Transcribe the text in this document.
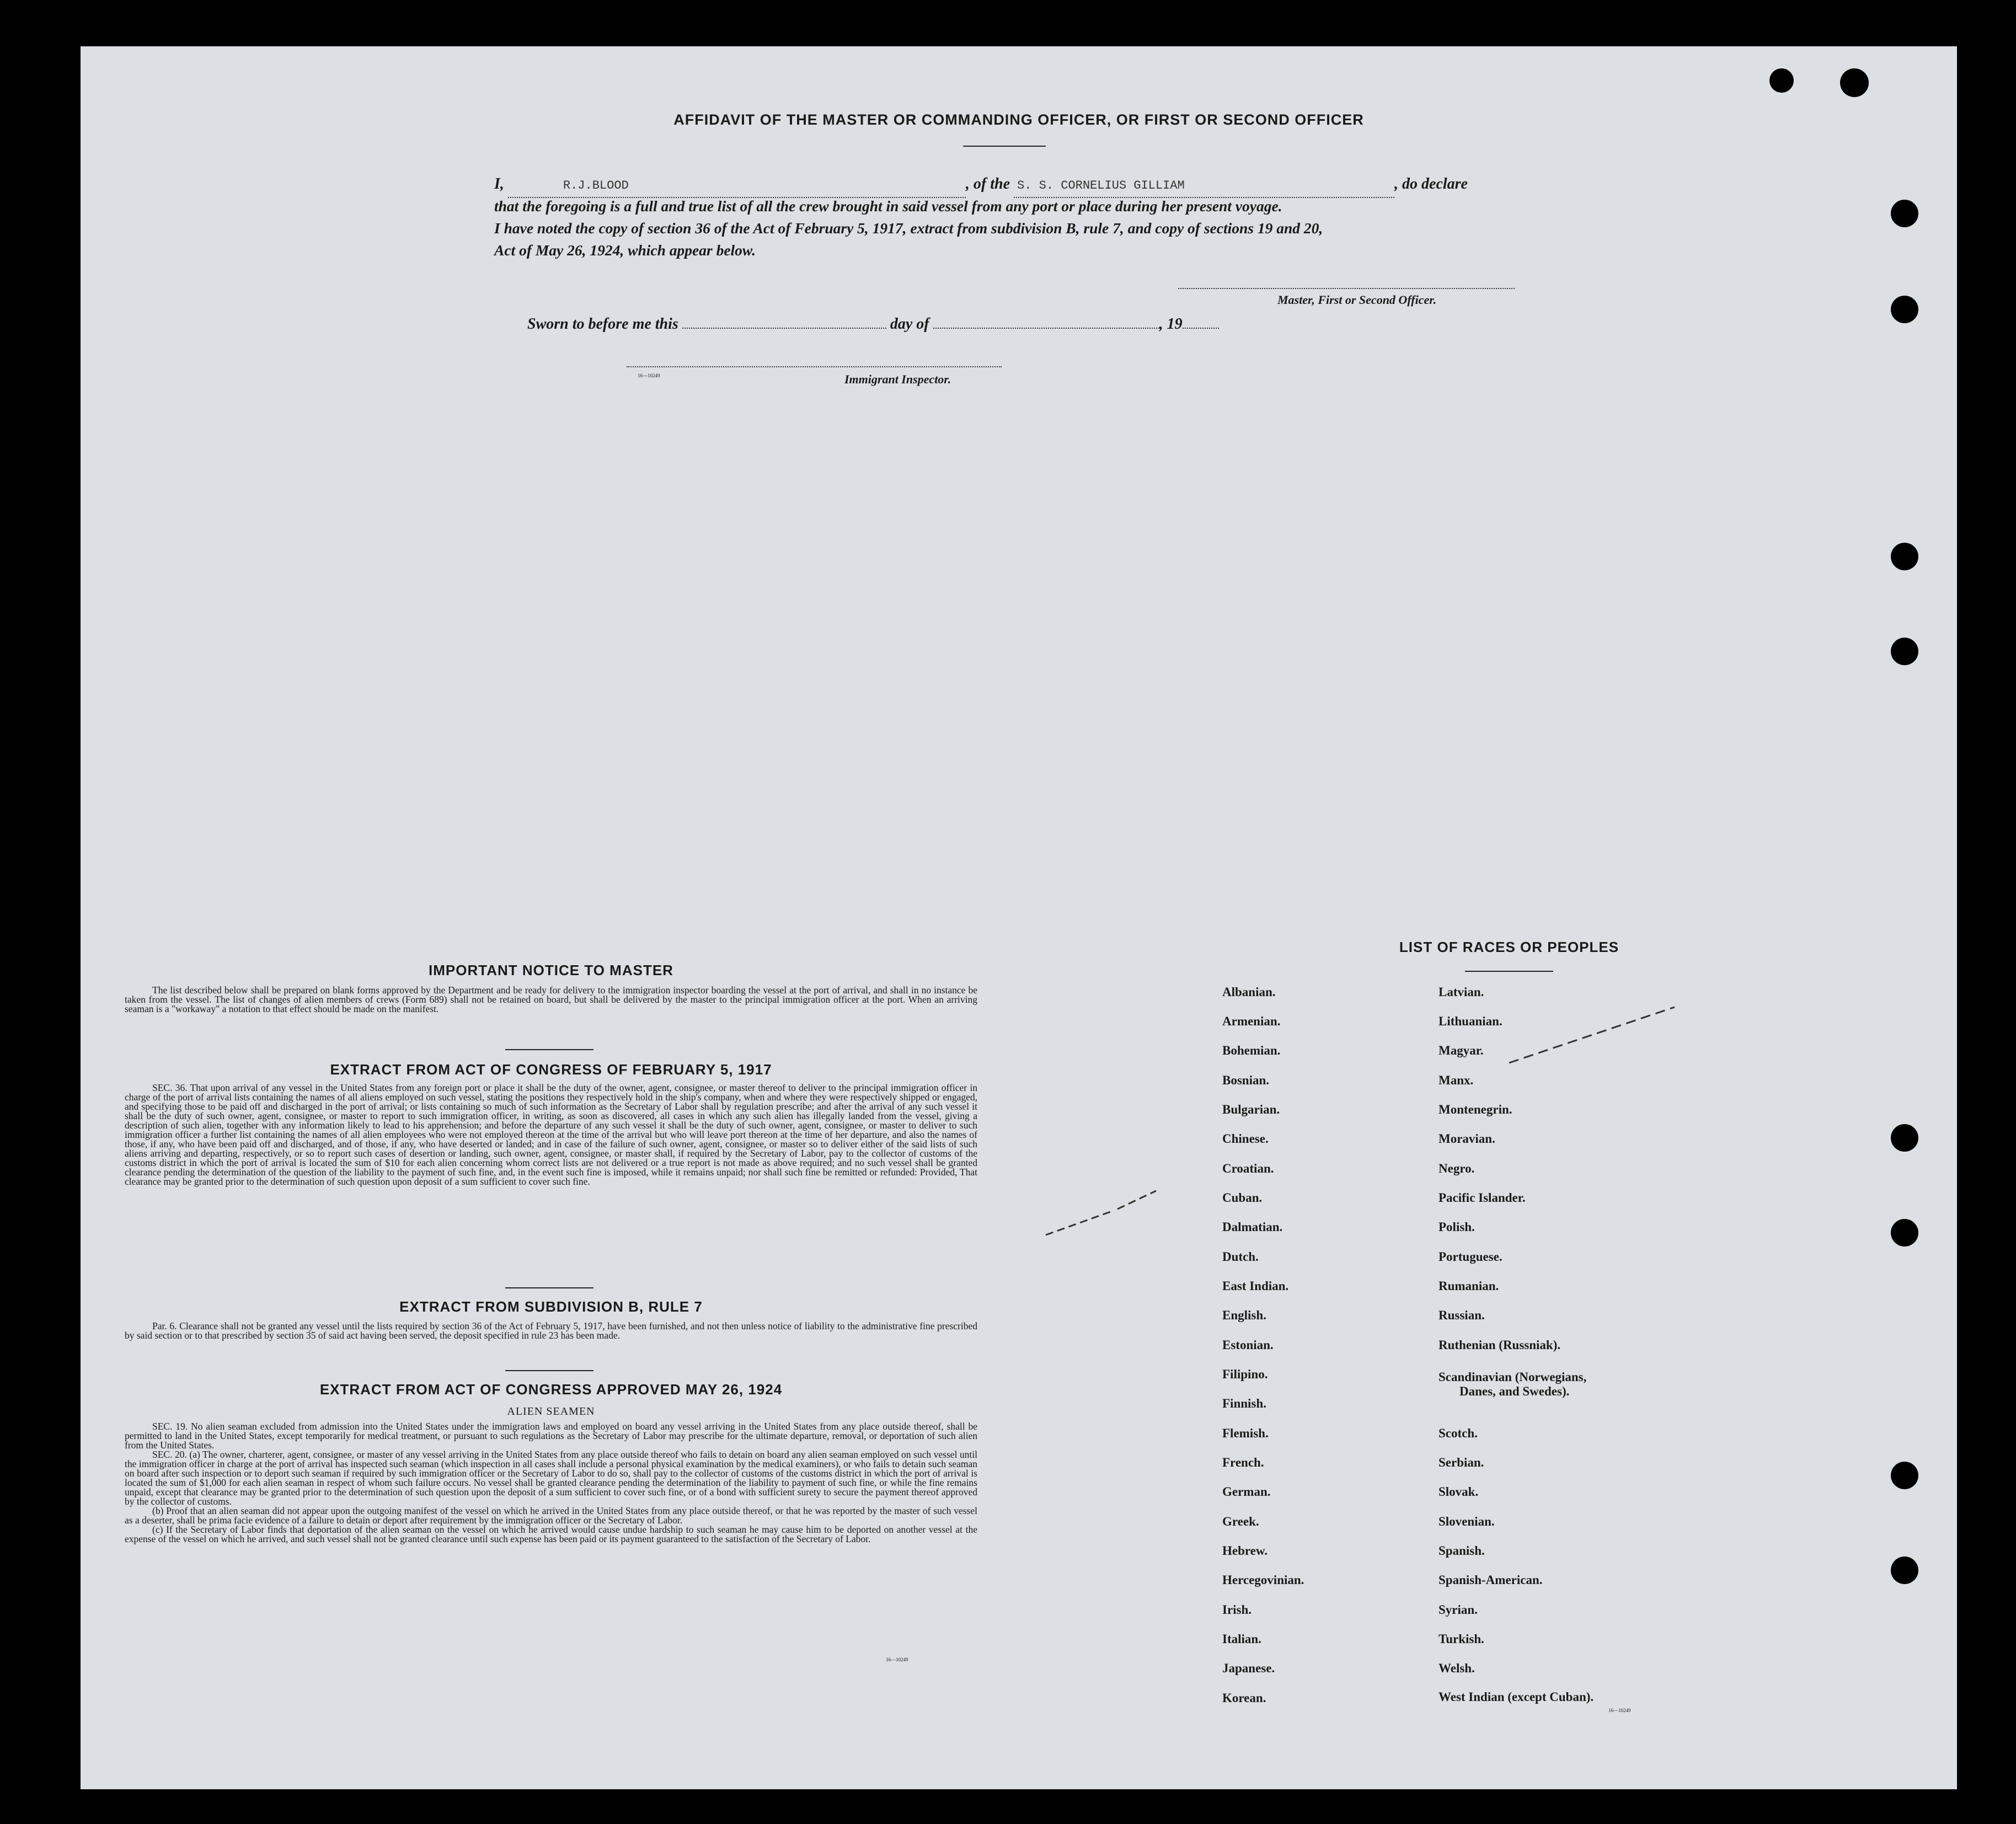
AFFIDAVIT OF THE MASTER OR COMMANDING OFFICER, OR FIRST OR SECOND OFFICER
I,	R.J.BLOOD	, of the S. S. CORNELIUS GILLIAM	, do declare
that the foregoing is a full and true list of all the crew brought in said vessel from any port or place during her present voyage.
I have noted the copy of section 36 of the Act of February 5, 1917, extract from subdivision B, rule 7, and copy of sections 19 and 20,
Act of May 26, 1924, which appear below.
Master, First or Second Officer.
Sworn to before me this	day of	, 19
16—10249	Immigrant Inspector.
IMPORTANT NOTICE TO MASTER

The list described below shall be prepared on blank forms approved by the Department and be ready for delivery to the immigration inspector boarding the vessel at the port of arrival, and shall in no instance be taken from the vessel. The list of changes of alien members of crews (Form 689) shall not be retained on board, but shall be delivered by the master to the principal immigration officer at the port. When an arriving seaman is a "workaway" a notation to that effect should be made on the manifest.

EXTRACT FROM ACT OF CONGRESS OF FEBRUARY 5, 1917

SEC. 36. That upon arrival of any vessel in the United States from any foreign port or place it shall be the duty of the owner, agent, consignee, or master thereof to deliver to the principal immigration officer in charge of the port of arrival lists containing the names of all aliens employed on such vessel, stating the positions they respectively hold in the ship's company, when and where they were respectively shipped or engaged, and specifying those to be paid off and discharged in the port of arrival; or lists containing so much of such information as the Secretary of Labor shall by regulation prescribe; and after the arrival of any such vessel it shall be the duty of such owner, agent, consignee, or master to report to such immigration officer, in writing, as soon as discovered, all cases in which any such alien has illegally landed from the vessel, giving a description of such alien, together with any information likely to lead to his apprehension; and before the departure of any such vessel it shall be the duty of such owner, agent, consignee, or master to deliver to such immigration officer a further list containing the names of all alien employees who were not employed thereon at the time of the arrival but who will leave port thereon at the time of her departure, and also the names of those, if any, who have been paid off and discharged, and of those, if any, who have deserted or landed; and in case of the failure of such owner, agent, consignee, or master so to deliver either of the said lists of such aliens arriving and departing, respectively, or so to report such cases of desertion or landing, such owner, agent, consignee, or master shall, if required by the Secretary of Labor, pay to the collector of customs of the customs district in which the port of arrival is located the sum of $10 for each alien concerning whom correct lists are not delivered or a true report is not made as above required; and no such vessel shall be granted clearance pending the determination of the question of the liability to the payment of such fine, and, in the event such fine is imposed, while it remains unpaid; nor shall such fine be remitted or refunded: Provided, That clearance may be granted prior to the determination of such question upon deposit of a sum sufficient to cover such fine.

EXTRACT FROM SUBDIVISION B, RULE 7

Par. 6. Clearance shall not be granted any vessel until the lists required by section 36 of the Act of February 5, 1917, have been furnished, and not then unless notice of liability to the administrative fine prescribed by said section or to that prescribed by section 35 of said act having been served, the deposit specified in rule 23 has been made.

EXTRACT FROM ACT OF CONGRESS APPROVED MAY 26, 1924
ALIEN SEAMEN

SEC. 19. No alien seaman excluded from admission into the United States under the immigration laws and employed on board any vessel arriving in the United States from any place outside thereof, shall be permitted to land in the United States, except temporarily for medical treatment, or pursuant to such regulations as the Secretary of Labor may prescribe for the ultimate departure, removal, or deportation of such alien from the United States.

SEC. 20. (a) The owner, charterer, agent, consignee, or master of any vessel arriving in the United States from any place outside thereof who fails to detain on board any alien seaman employed on such vessel until the immigration officer in charge at the port of arrival has inspected such seaman (which inspection in all cases shall include a personal physical examination by the medical examiners), or who fails to detain such seaman on board after such inspection or to deport such seaman if required by such immigration officer or the Secretary of Labor to do so, shall pay to the collector of customs of the customs district in which the port of arrival is located the sum of $1,000 for each alien seaman in respect of whom such failure occurs. No vessel shall be granted clearance pending the determination of the liability to payment of such fine, or while the fine remains unpaid, except that clearance may be granted prior to the determination of such question upon the deposit of a sum sufficient to cover such fine, or of a bond with sufficient surety to secure the payment thereof approved by the collector of customs.

(b) Proof that an alien seaman did not appear upon the outgoing manifest of the vessel on which he arrived in the United States from any place outside thereof, or that he was reported by the master of such vessel as a deserter, shall be prima facie evidence of a failure to detain or deport after requirement by the immigration officer or the Secretary of Labor.

(c) If the Secretary of Labor finds that deportation of the alien seaman on the vessel on which he arrived would cause undue hardship to such seaman he may cause him to be deported on another vessel at the expense of the vessel on which he arrived, and such vessel shall not be granted clearance until such expense has been paid or its payment guaranteed to the satisfaction of the Secretary of Labor.

16—10249
LIST OF RACES OR PEOPLES
Albanian.
Armenian.
Bohemian.
Bosnian.
Bulgarian.
Chinese.
Croatian.
Cuban.
Dalmatian.
Dutch.
East Indian.
English.
Estonian.
Filipino.
Finnish.
Flemish.
French.
German.
Greek.
Hebrew.
Hercegovinian.
Irish.
Italian.
Japanese.
Korean.
Latvian.
Lithuanian.
Magyar.
Manx.
Montenegrin.
Moravian.
Negro.
Pacific Islander.
Polish.
Portuguese.
Rumanian.
Russian.
Ruthenian (Russniak).
Scandinavian (Norwegians,
Danes, and Swedes).
Scotch.
Serbian.
Slovak.
Slovenian.
Spanish.
Spanish-American.
Syrian.
Turkish.
Welsh.
West Indian (except Cuban).
16—10249
